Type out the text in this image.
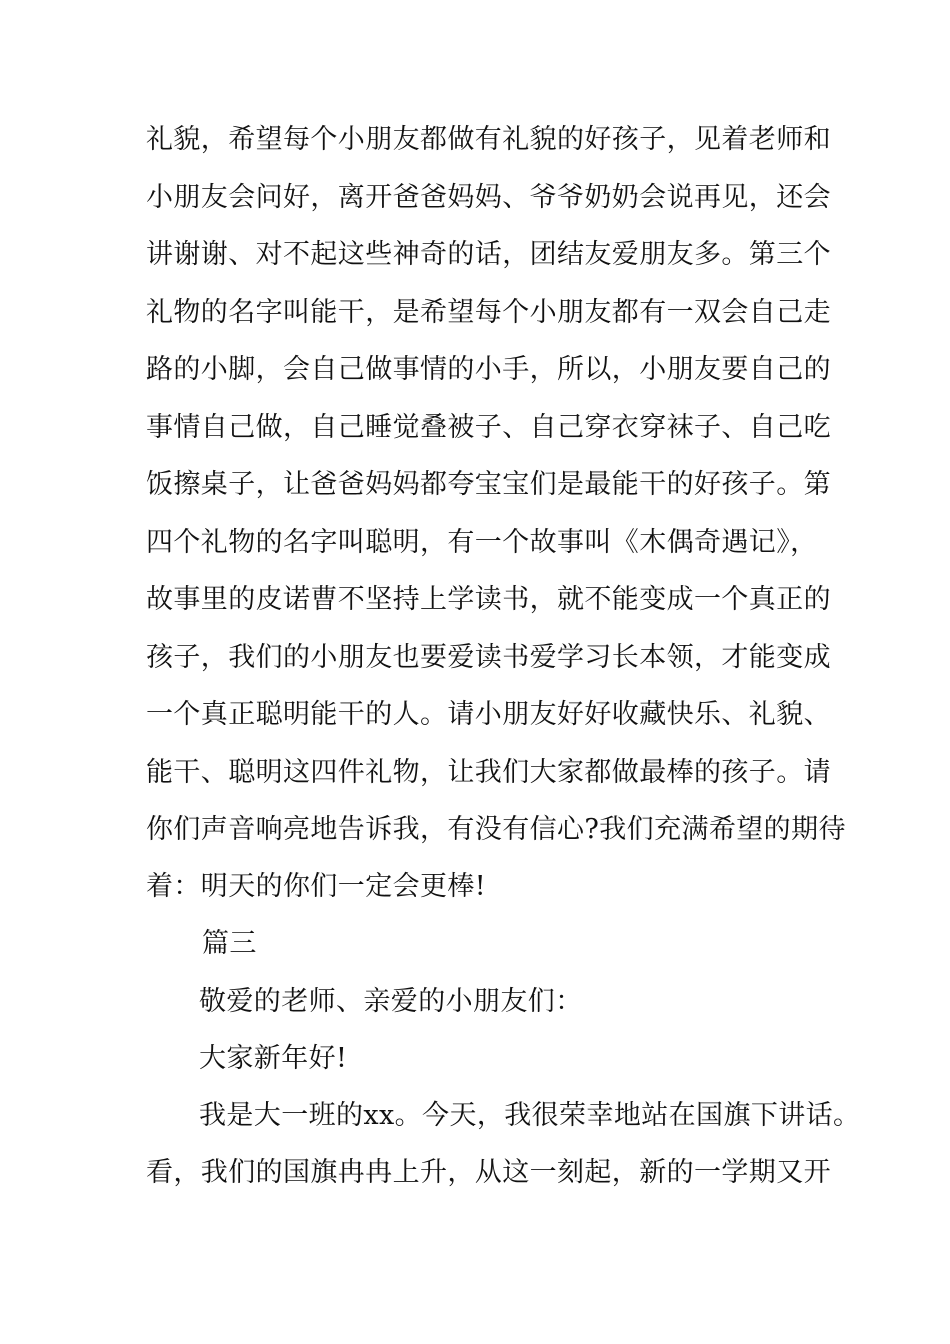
礼貌，希望每个小朋友都做有礼貌的好孩子，见着老师和
小朋友会问好，离开爸爸妈妈、爷爷奶奶会说再见，还会
讲谢谢、对不起这些神奇的话，团结友爱朋友多。第三个
礼物的名字叫能干，是希望每个小朋友都有一双会自己走
路的小脚，会自己做事情的小手，所以，小朋友要自己的
事情自己做，自己睡觉叠被子、自己穿衣穿袜子、自己吃
饭擦桌子，让爸爸妈妈都夸宝宝们是最能干的好孩子。第
四个礼物的名字叫聪明，有一个故事叫《木偶奇遇记》，
故事里的皮诺曹不坚持上学读书，就不能变成一个真正的
孩子，我们的小朋友也要爱读书爱学习长本领，才能变成
一个真正聪明能干的人。请小朋友好好收藏快乐、礼貌、
能干、聪明这四件礼物，让我们大家都做最棒的孩子。请
你们声音响亮地告诉我，有没有信心?我们充满希望的期待
着：明天的你们一定会更棒!
篇三
敬爱的老师、亲爱的小朋友们：
大家新年好!
我是大一班的xx。今天，我很荣幸地站在国旗下讲话。
看，我们的国旗冉冉上升，从这一刻起，新的一学期又开
